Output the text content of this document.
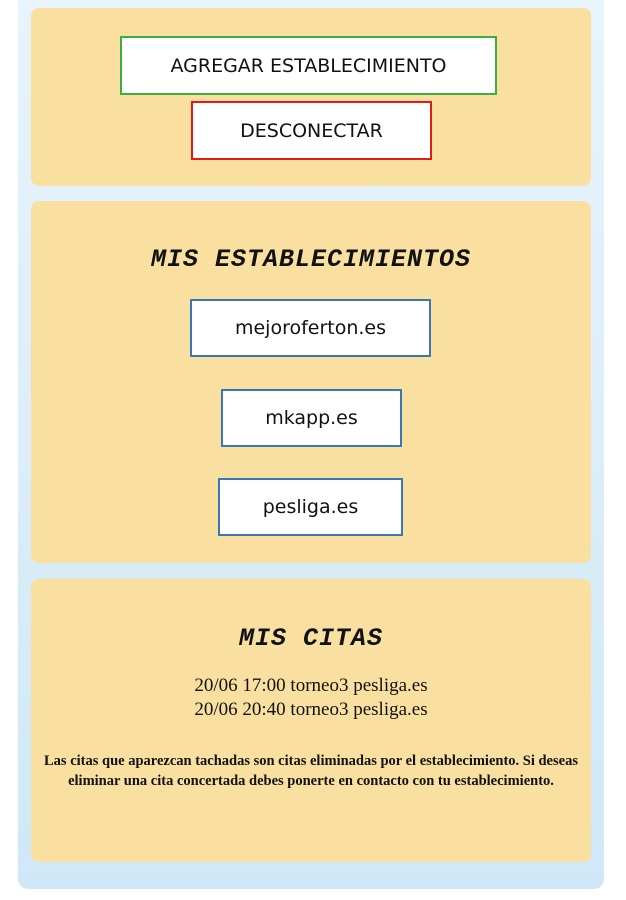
AGREGAR ESTABLECIMIENTO
DESCONECTAR
MIS ESTABLECIMIENTOS
mejoroferton.es
mkapp.es
pesliga.es
MIS CITAS
20/06 17:00 torneo3 pesliga.es
20/06 20:40 torneo3 pesliga.es
Las citas que aparezcan tachadas son citas eliminadas por el establecimiento. Si deseas eliminar una cita concertada debes ponerte en contacto con tu establecimiento.
